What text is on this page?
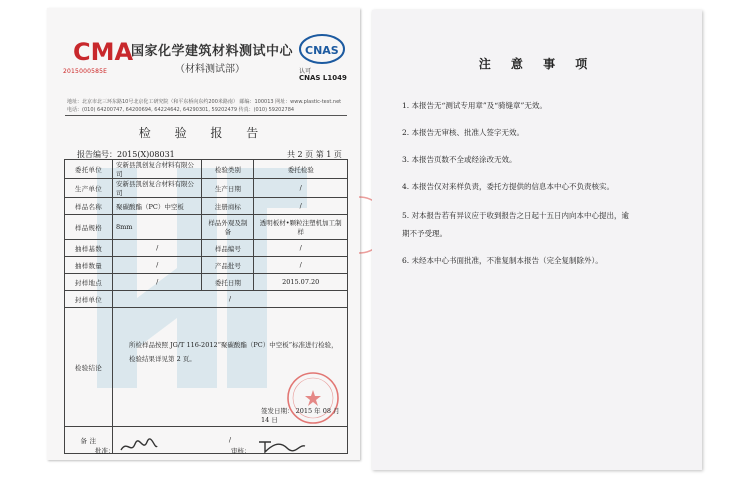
CMA
2015000585E
国家化学建筑材料测试中心
（材料测试部）
CNAS
认可
CNAS L1049
地址：北京市北三环东路10号北京化工研究院（和平东桥向东约200米路南） 邮编：100013 网址：www.plastic-test.net
电话：(010) 64200747, 64200694, 64224642, 64290301, 59202479 传真：(010) 59202784
检 验 报 告
报告编号：2015(X)08031	共 2 页 第 1 页
委托单位	安新县凯创复合材料有限公司	检验类别	委托检验
生产单位	安新县凯创复合材料有限公司	生产日期	/
样品名称	聚碳酸酯（PC）中空板	注册商标	/
样品规格	8mm	样品外观及制备	透明板材•颗粒注塑机加工制样
抽样基数	/	样品编号	/
抽样数量	/	产品批号	/
封样地点	/	委托日期	2015.07.20
封样单位	/		
检验结论	所检样品按照 JG/T 116-2012“聚碳酸酯（PC）中空板”标准进行检验，检验结果详见第 2 页。
签发日期： 2015 年 08 月 14 日		

备 注	/		
批准：	审核：
注 意 事 项
1. 本报告无“测试专用章”及“骑缝章”无效。
2. 本报告无审核、批准人签字无效。
3. 本报告页数不全或经涂改无效。
4. 本报告仅对来样负责，委托方提供的信息本中心不负责核实。
5. 对本报告若有异议应于收到报告之日起十五日内向本中心提出，逾
期不予受理。
6. 未经本中心书面批准，不准复制本报告（完全复制除外）。
